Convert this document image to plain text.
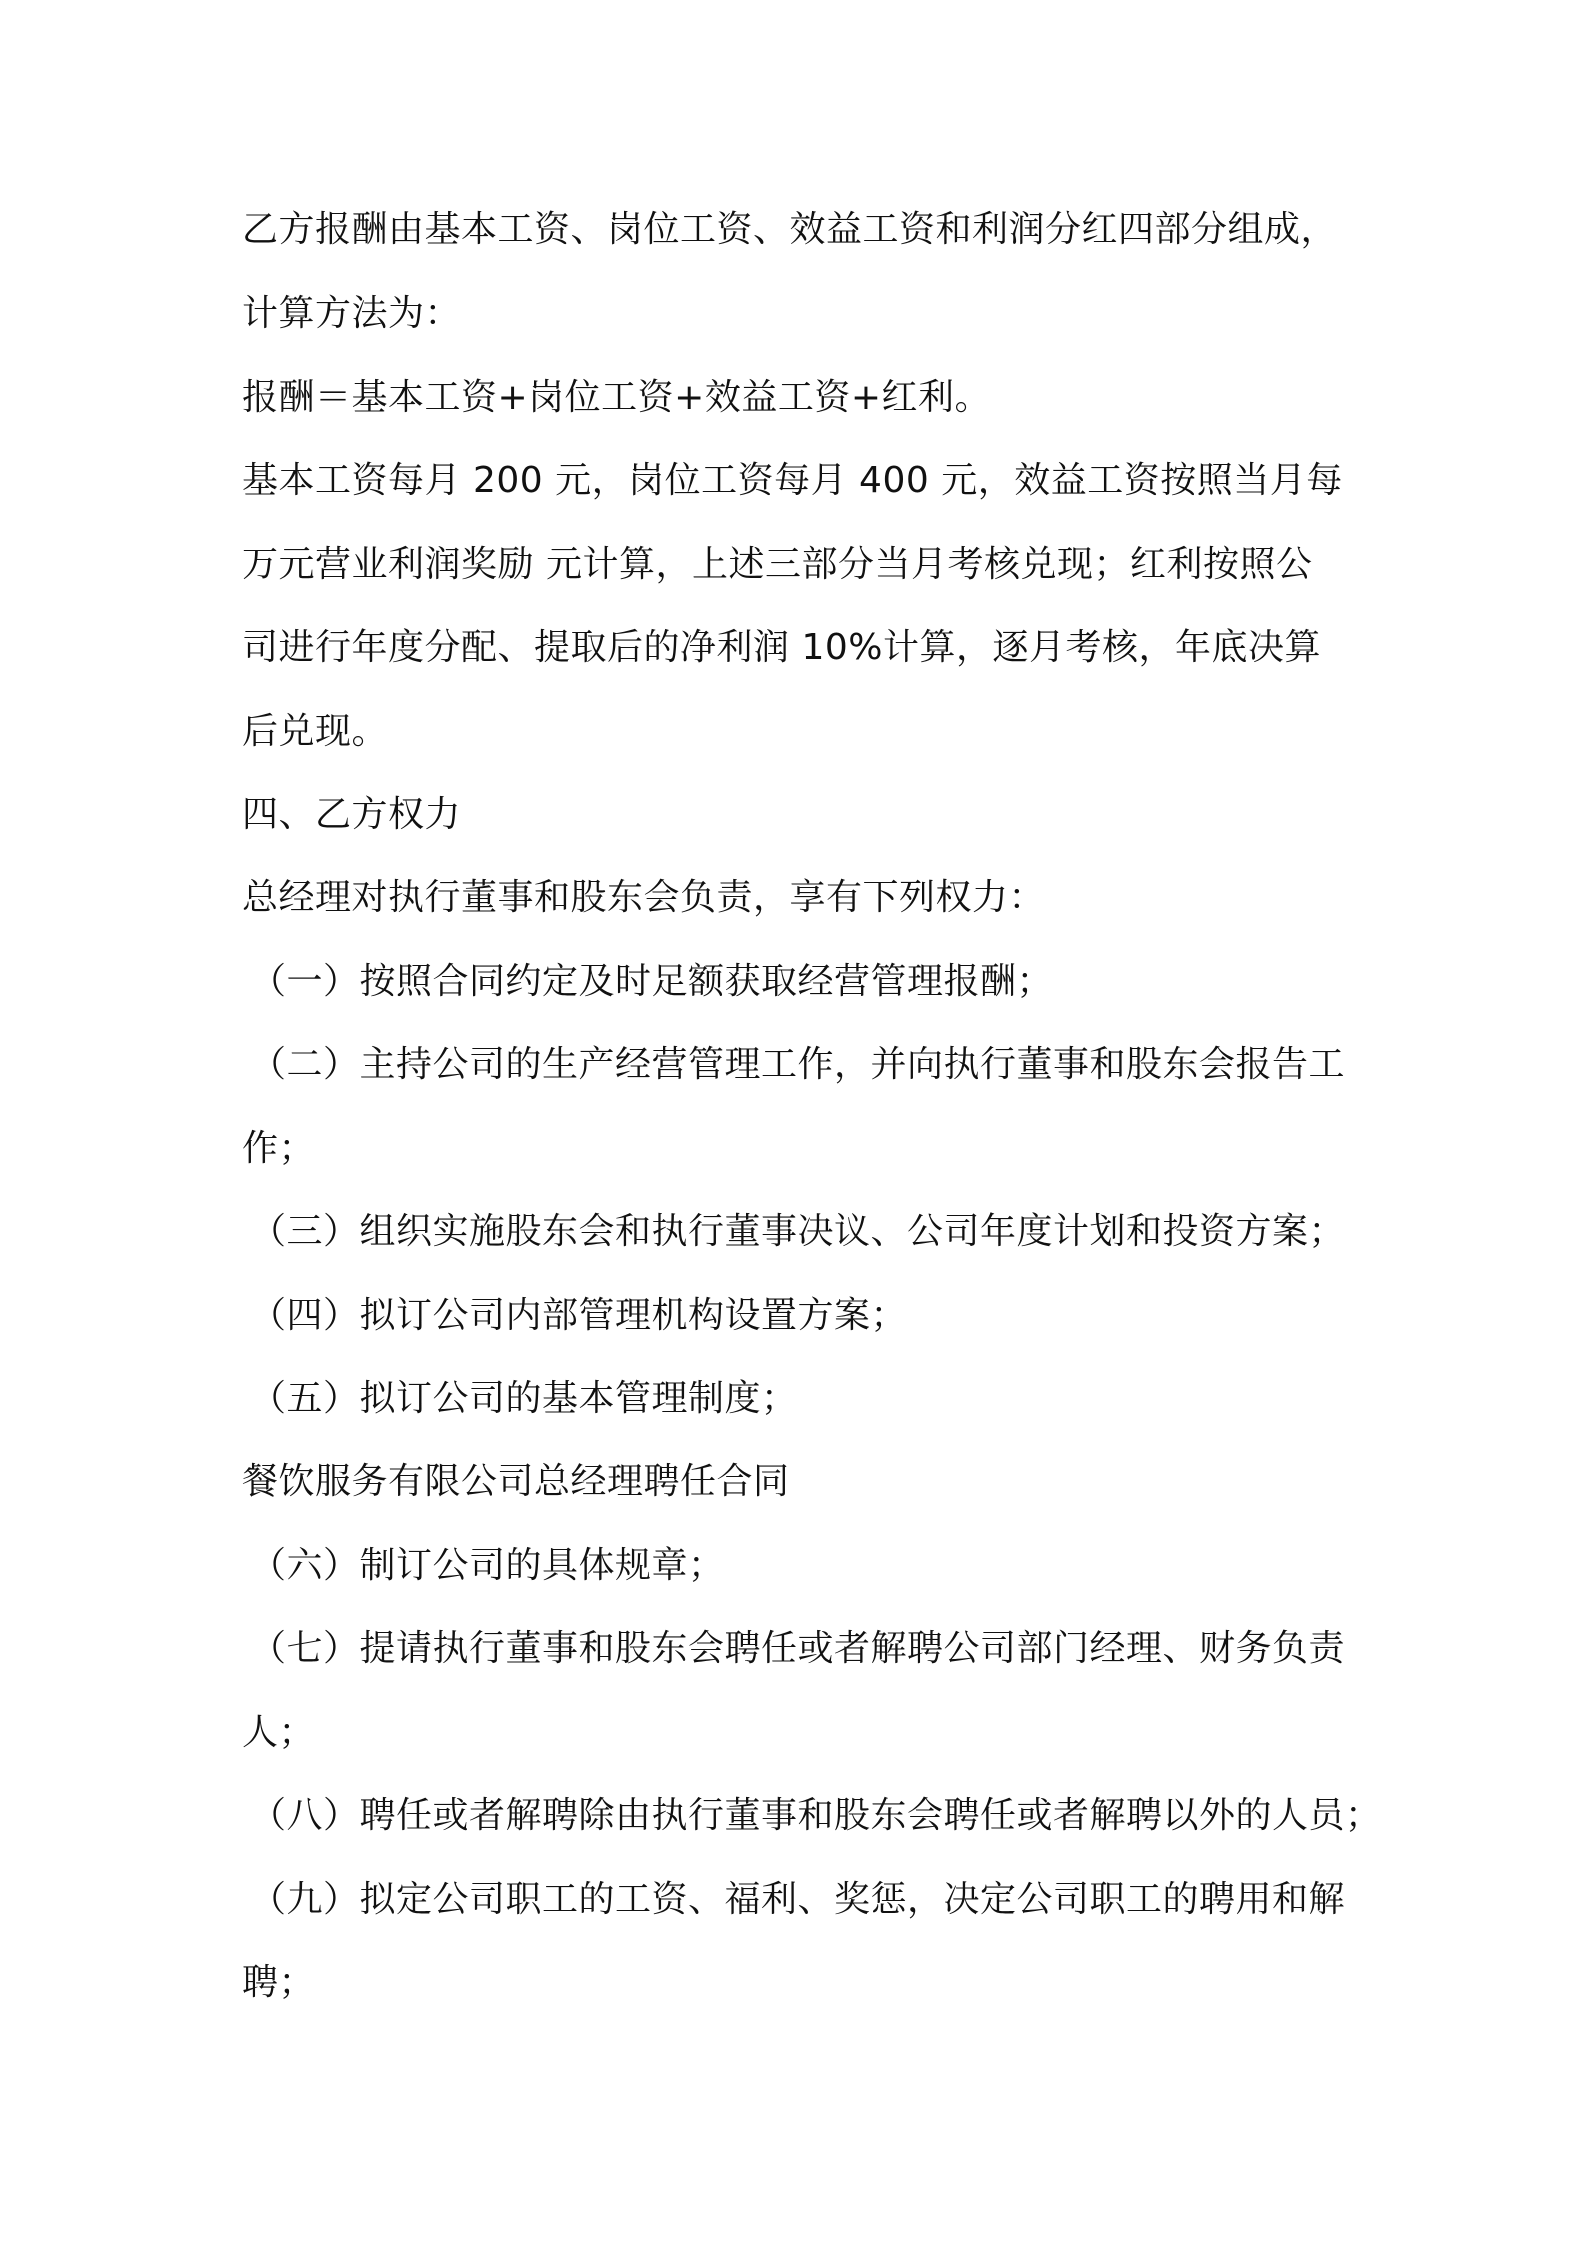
乙方报酬由基本工资、岗位工资、效益工资和利润分红四部分组成，
计算方法为：
报酬＝基本工资+岗位工资+效益工资+红利。
基本工资每月 200 元，岗位工资每月 400 元，效益工资按照当月每
万元营业利润奖励 元计算，上述三部分当月考核兑现；红利按照公
司进行年度分配、提取后的净利润 10%计算，逐月考核，年底决算
后兑现。
四、乙方权力
总经理对执行董事和股东会负责，享有下列权力：
（一）按照合同约定及时足额获取经营管理报酬；
（二）主持公司的生产经营管理工作，并向执行董事和股东会报告工
作；
（三）组织实施股东会和执行董事决议、公司年度计划和投资方案；
（四）拟订公司内部管理机构设置方案；
（五）拟订公司的基本管理制度；
餐饮服务有限公司总经理聘任合同
（六）制订公司的具体规章；
（七）提请执行董事和股东会聘任或者解聘公司部门经理、财务负责
人；
（八）聘任或者解聘除由执行董事和股东会聘任或者解聘以外的人员；
（九）拟定公司职工的工资、福利、奖惩，决定公司职工的聘用和解
聘；
